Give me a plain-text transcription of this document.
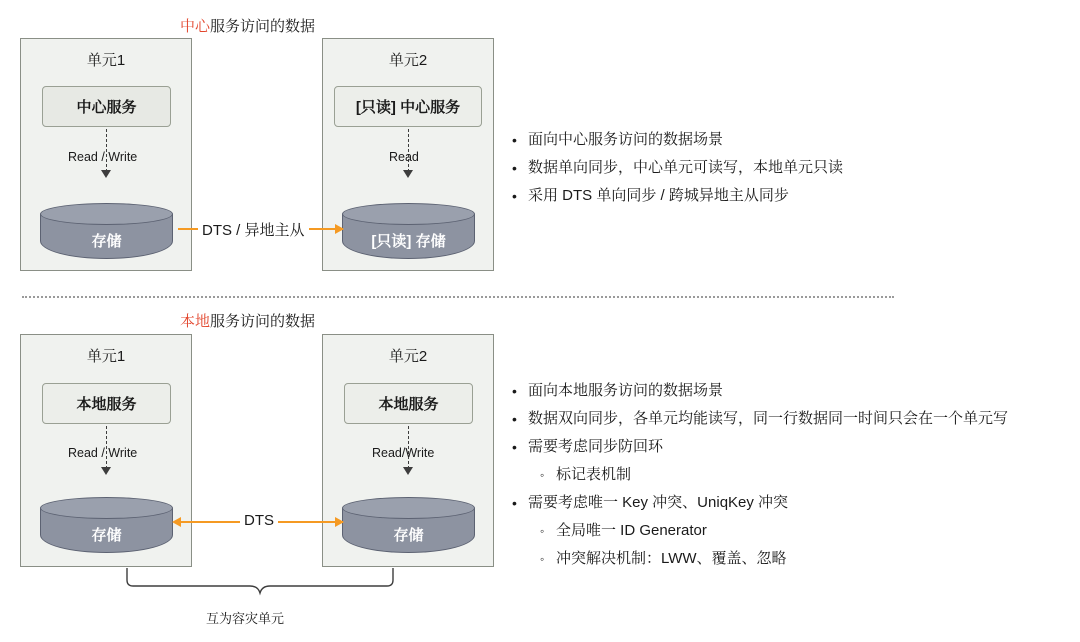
中心服务访问的数据
单元1
中心服务
Read / Write
存储
单元2
[只读] 中心服务
Read
[只读] 存储
DTS / 异地主从
• 面向中心服务访问的数据场景
• 数据单向同步，中心单元可读写，本地单元只读
• 采用 DTS 单向同步 / 跨城异地主从同步
本地服务访问的数据
单元1
本地服务
Read / Write
存储
单元2
本地服务
Read/Write
存储
DTS
互为容灾单元
• 面向本地服务访问的数据场景
• 数据双向同步，各单元均能读写，同一行数据同一时间只会在一个单元写
• 需要考虑同步防回环
◦ 标记表机制
• 需要考虑唯一 Key 冲突、UniqKey 冲突
◦ 全局唯一 ID Generator
◦ 冲突解决机制：LWW、覆盖、忽略
